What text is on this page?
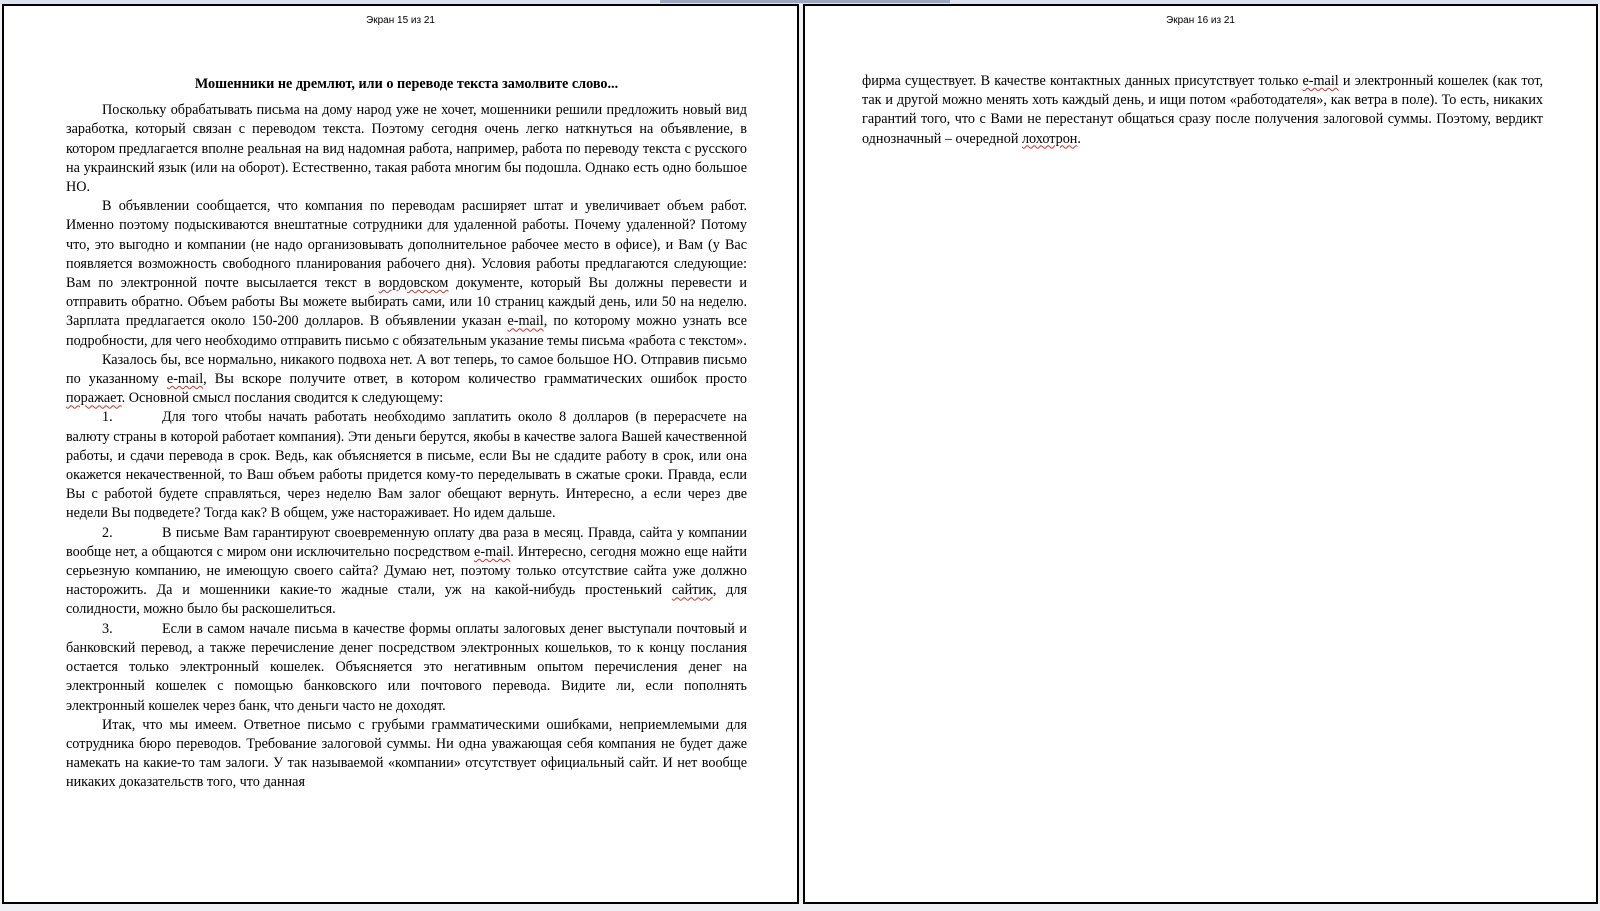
Экран 15 из 21

Мошенники не дремлют, или о переводе текста замолвите слово...

Поскольку обрабатывать письма на дому народ уже не хочет, мошенники решили предложить новый вид заработка, который связан с переводом текста. Поэтому сегодня очень легко наткнуться на объявление, в котором предлагается вполне реальная на вид надомная работа, например, работа по переводу текста с русского на украинский язык (или на оборот). Естественно, такая работа многим бы подошла. Однако есть одно большое НО.

В объявлении сообщается, что компания по переводам расширяет штат и увеличивает объем работ. Именно поэтому подыскиваются внештатные сотрудники для удаленной работы. Почему удаленной? Потому что, это выгодно и компании (не надо организовывать дополнительное рабочее место в офисе), и Вам (у Вас появляется возможность свободного планирования рабочего дня). Условия работы предлагаются следующие: Вам по электронной почте высылается текст в вордовском документе, который Вы должны перевести и отправить обратно. Объем работы Вы можете выбирать сами, или 10 страниц каждый день, или 50 на неделю. Зарплата предлагается около 150-200 долларов. В объявлении указан e-mail, по которому можно узнать все подробности, для чего необходимо отправить письмо с обязательным указание темы письма «работа с текстом».

Казалось бы, все нормально, никакого подвоха нет. А вот теперь, то самое большое НО. Отправив письмо по указанному e-mail, Вы вскоре получите ответ, в котором количество грамматических ошибок просто поражает. Основной смысл послания сводится к следующему:

1.	Для того чтобы начать работать необходимо заплатить около 8 долларов (в перерасчете на валюту страны в которой работает компания). Эти деньги берутся, якобы в качестве залога Вашей качественной работы, и сдачи перевода в срок. Ведь, как объясняется в письме, если Вы не сдадите работу в срок, или она окажется некачественной, то Ваш объем работы придется кому-то переделывать в сжатые сроки. Правда, если Вы с работой будете справляться, через неделю Вам залог обещают вернуть. Интересно, а если через две недели Вы подведете? Тогда как? В общем, уже настораживает. Но идем дальше.

2.	В письме Вам гарантируют своевременную оплату два раза в месяц. Правда, сайта у компании вообще нет, а общаются с миром они исключительно посредством e-mail. Интересно, сегодня можно еще найти серьезную компанию, не имеющую своего сайта? Думаю нет, поэтому только отсутствие сайта уже должно насторожить. Да и мошенники какие-то жадные стали, уж на какой-нибудь простенький сайтик, для солидности, можно было бы раскошелиться.

3.	Если в самом начале письма в качестве формы оплаты залоговых денег выступали почтовый и банковский перевод, а также перечисление денег посредством электронных кошельков, то к концу послания остается только электронный кошелек. Объясняется это негативным опытом перечисления денег на электронный кошелек с помощью банковского или почтового перевода. Видите ли, если пополнять электронный кошелек через банк, что деньги часто не доходят.

Итак, что мы имеем. Ответное письмо с грубыми грамматическими ошибками, неприемлемыми для сотрудника бюро переводов. Требование залоговой суммы. Ни одна уважающая себя компания не будет даже намекать на какие-то там залоги. У так называемой «компании» отсутствует официальный сайт. И нет вообще никаких доказательств того, что данная

Экран 16 из 21

фирма существует. В качестве контактных данных присутствует только e-mail и электронный кошелек (как тот, так и другой можно менять хоть каждый день, и ищи потом «работодателя», как ветра в поле). То есть, никаких гарантий того, что с Вами не перестанут общаться сразу после получения залоговой суммы. Поэтому, вердикт однозначный – очередной лохотрон.
